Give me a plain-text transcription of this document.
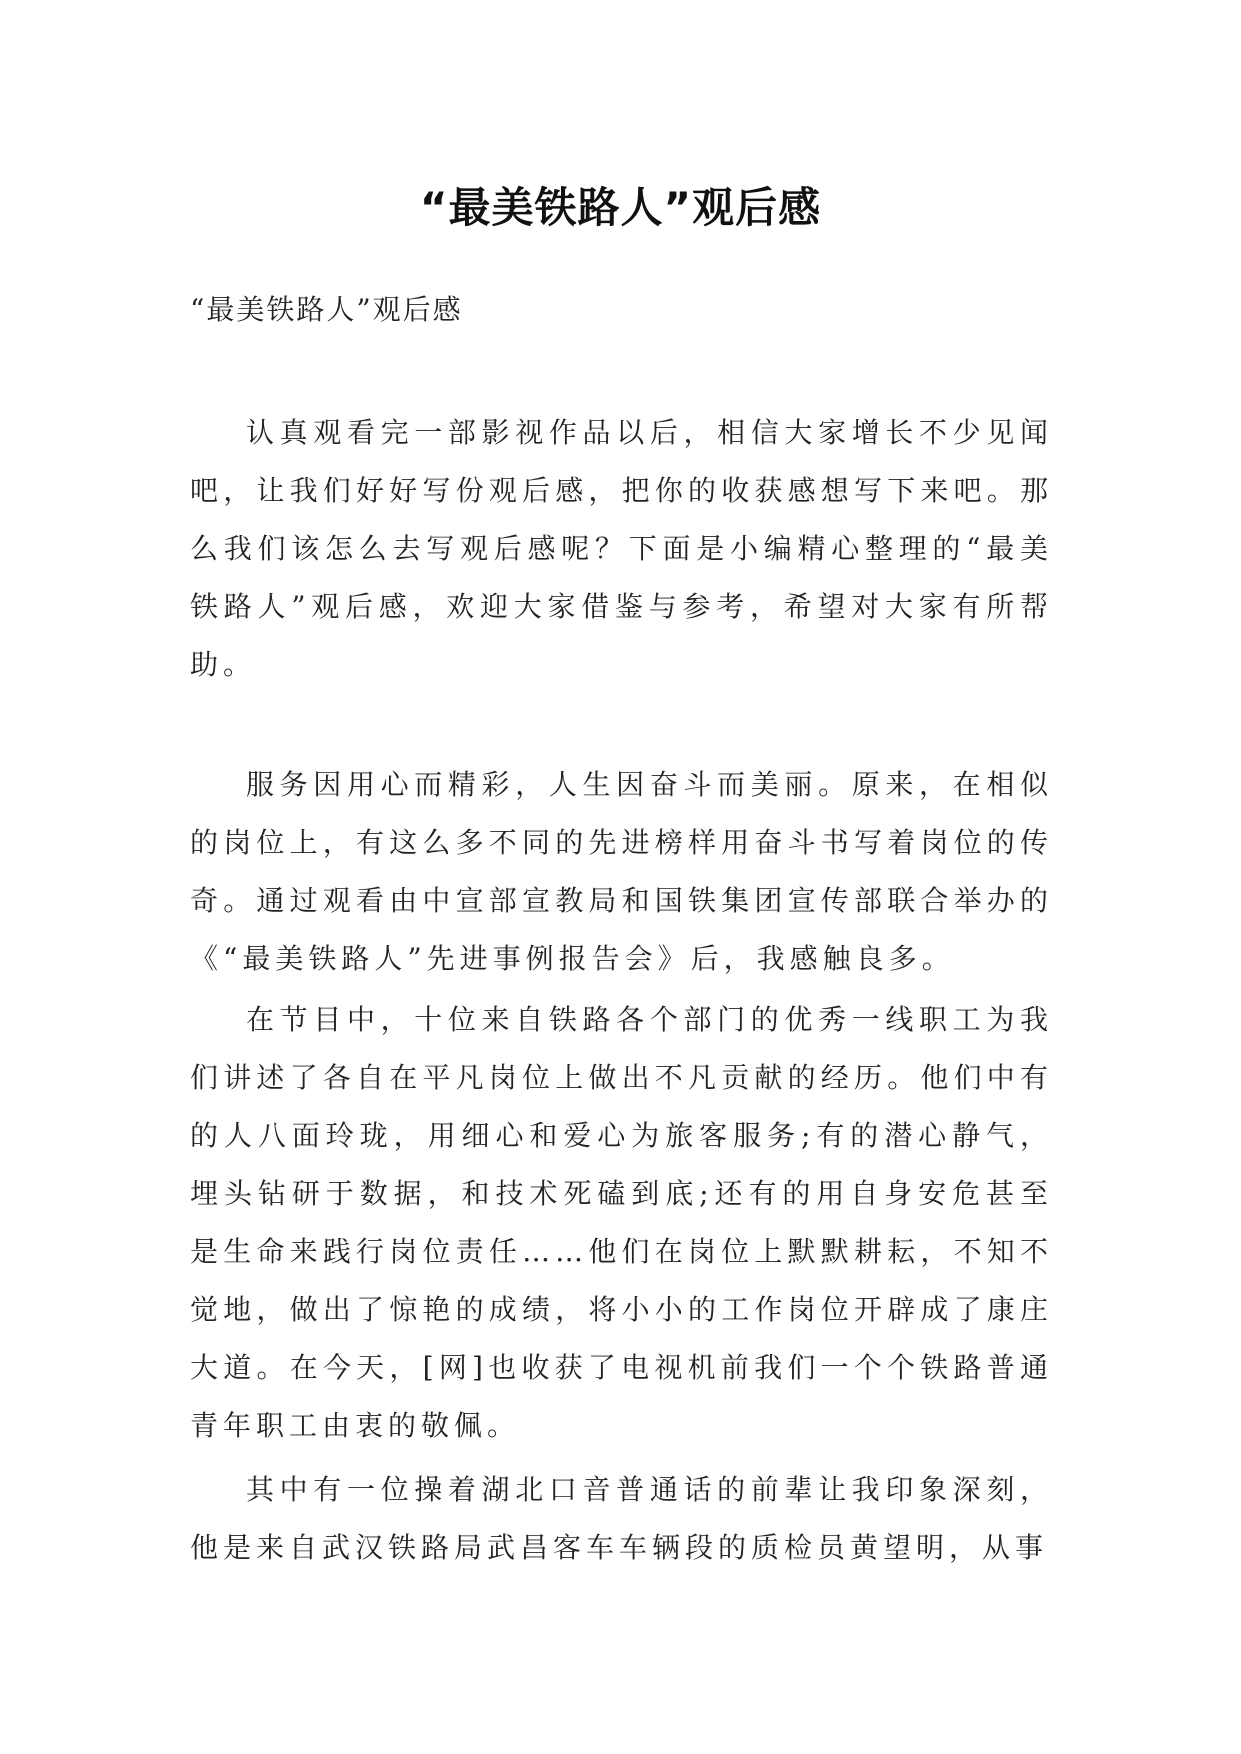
“最美铁路人”观后感
“最美铁路人”观后感

认真观看完一部影视作品以后，相信大家增长不少见闻吧，让我们好好写份观后感，把你的收获感想写下来吧。那么我们该怎么去写观后感呢？下面是小编精心整理的“最美铁路人”观后感，欢迎大家借鉴与参考，希望对大家有所帮助。

服务因用心而精彩，人生因奋斗而美丽。原来，在相似的岗位上，有这么多不同的先进榜样用奋斗书写着岗位的传奇。通过观看由中宣部宣教局和国铁集团宣传部联合举办的《“最美铁路人”先进事例报告会》后，我感触良多。

在节目中，十位来自铁路各个部门的优秀一线职工为我们讲述了各自在平凡岗位上做出不凡贡献的经历。他们中有的人八面玲珑，用细心和爱心为旅客服务;有的潜心静气，埋头钻研于数据，和技术死磕到底;还有的用自身安危甚至是生命来践行岗位责任……他们在岗位上默默耕耘，不知不觉地，做出了惊艳的成绩，将小小的工作岗位开辟成了康庄大道。在今天，[网]也收获了电视机前我们一个个铁路普通青年职工由衷的敬佩。

其中有一位操着湖北口音普通话的前辈让我印象深刻，他是来自武汉铁路局武昌客车车辆段的质检员黄望明，从事
